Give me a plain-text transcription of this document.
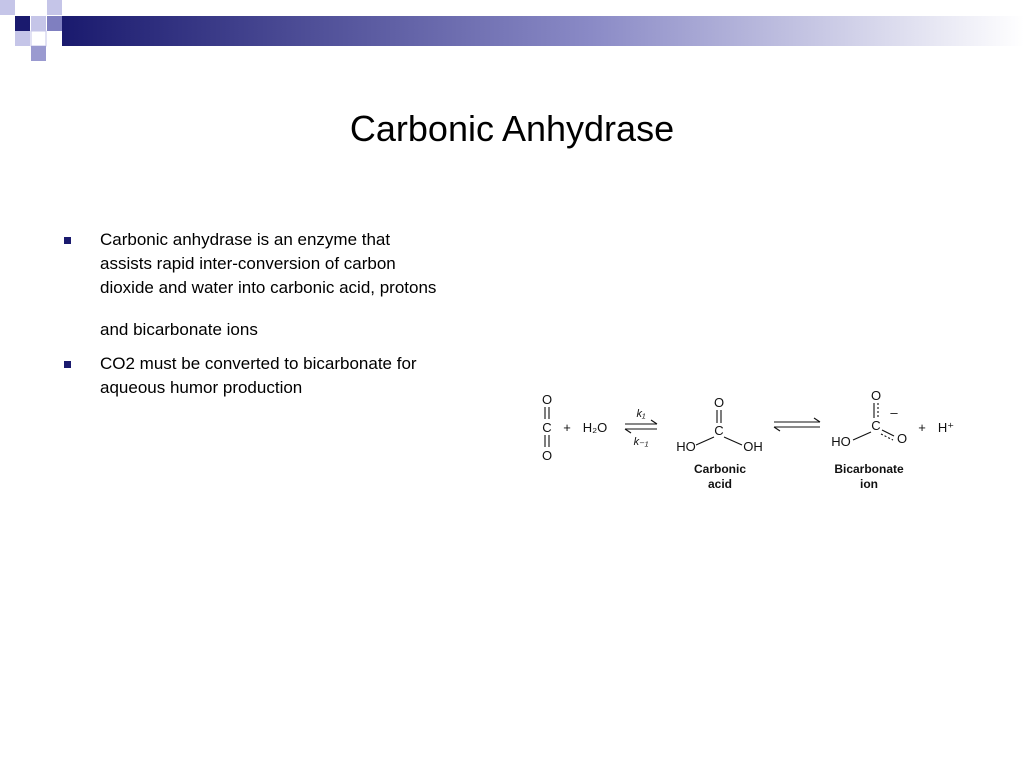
Carbonic Anhydrase
Carbonic anhydrase is an enzyme that
assists rapid inter-conversion of carbon
dioxide and water into carbonic acid, protons
and bicarbonate ions
CO2 must be converted to bicarbonate for
aqueous humor production
O
C
O
+ H₂O
k₁
k₋₁
O
C
HO	OH
Carbonic
acid
O
–
C
HO	O
Bicarbonate
ion
+ H⁺
